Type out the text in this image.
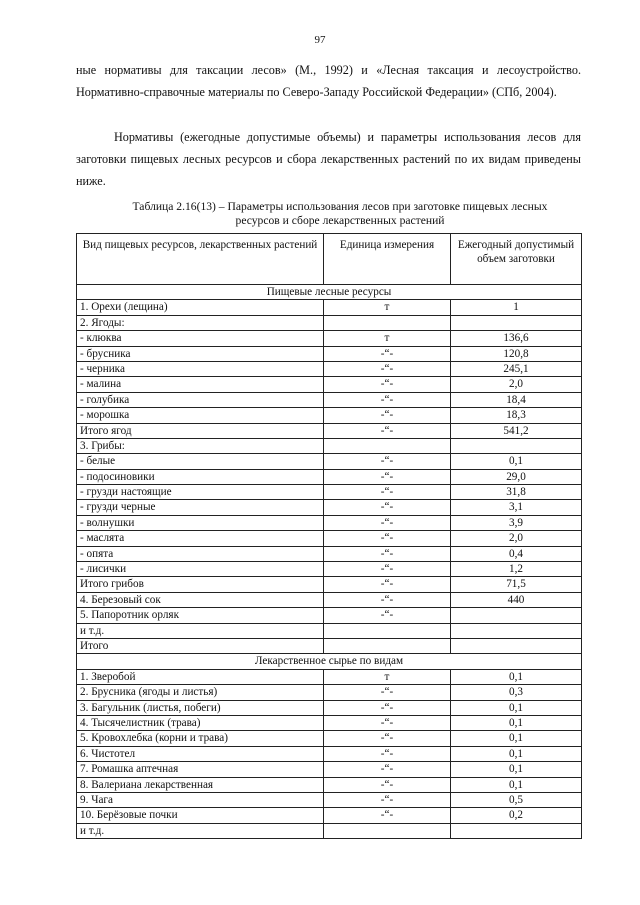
97
ные нормативы для таксации лесов» (М., 1992) и «Лесная таксация и лесоустройство. Нормативно-справочные материалы по Северо-Западу Российской Федерации» (СПб, 2004).
Нормативы (ежегодные допустимые объемы) и параметры использования лесов для заготовки пищевых лесных ресурсов и сбора лекарственных растений по их видам приведены ниже.
Таблица 2.16(13) – Параметры использования лесов при заготовке пищевых лесных
ресурсов и сборе лекарственных растений
Вид пищевых ресурсов, лекарственных растений	Единица измерения	Ежегодный допустимый объем заготовки
Пищевые лесные ресурсы		
1. Орехи (лещина)	т	1
2. Ягоды:		
- клюква	т	136,6
- брусника	-“-	120,8
- черника	-“-	245,1
- малина	-“-	2,0
- голубика	-“-	18,4
- морошка	-“-	18,3
Итого ягод	-“-	541,2
3. Грибы:		
- белые	-“-	0,1
- подосиновики	-“-	29,0
- грузди настоящие	-“-	31,8
- грузди черные	-“-	3,1
- волнушки	-“-	3,9
- маслята	-“-	2,0
- опята	-“-	0,4
- лисички	-“-	1,2
Итого грибов	-“-	71,5
4. Березовый сок	-“-	440
5. Папоротник орляк	-“-	
и т.д.		
Итого		
Лекарственное сырье по видам		
1. Зверобой	т	0,1
2. Брусника (ягоды и листья)	-“-	0,3
3. Багульник (листья, побеги)	-“-	0,1
4. Тысячелистник (трава)	-“-	0,1
5. Кровохлебка (корни и трава)	-“-	0,1
6. Чистотел	-“-	0,1
7. Ромашка аптечная	-“-	0,1
8. Валериана лекарственная	-“-	0,1
9. Чага	-“-	0,5
10. Берёзовые почки	-“-	0,2
и т.д.		
